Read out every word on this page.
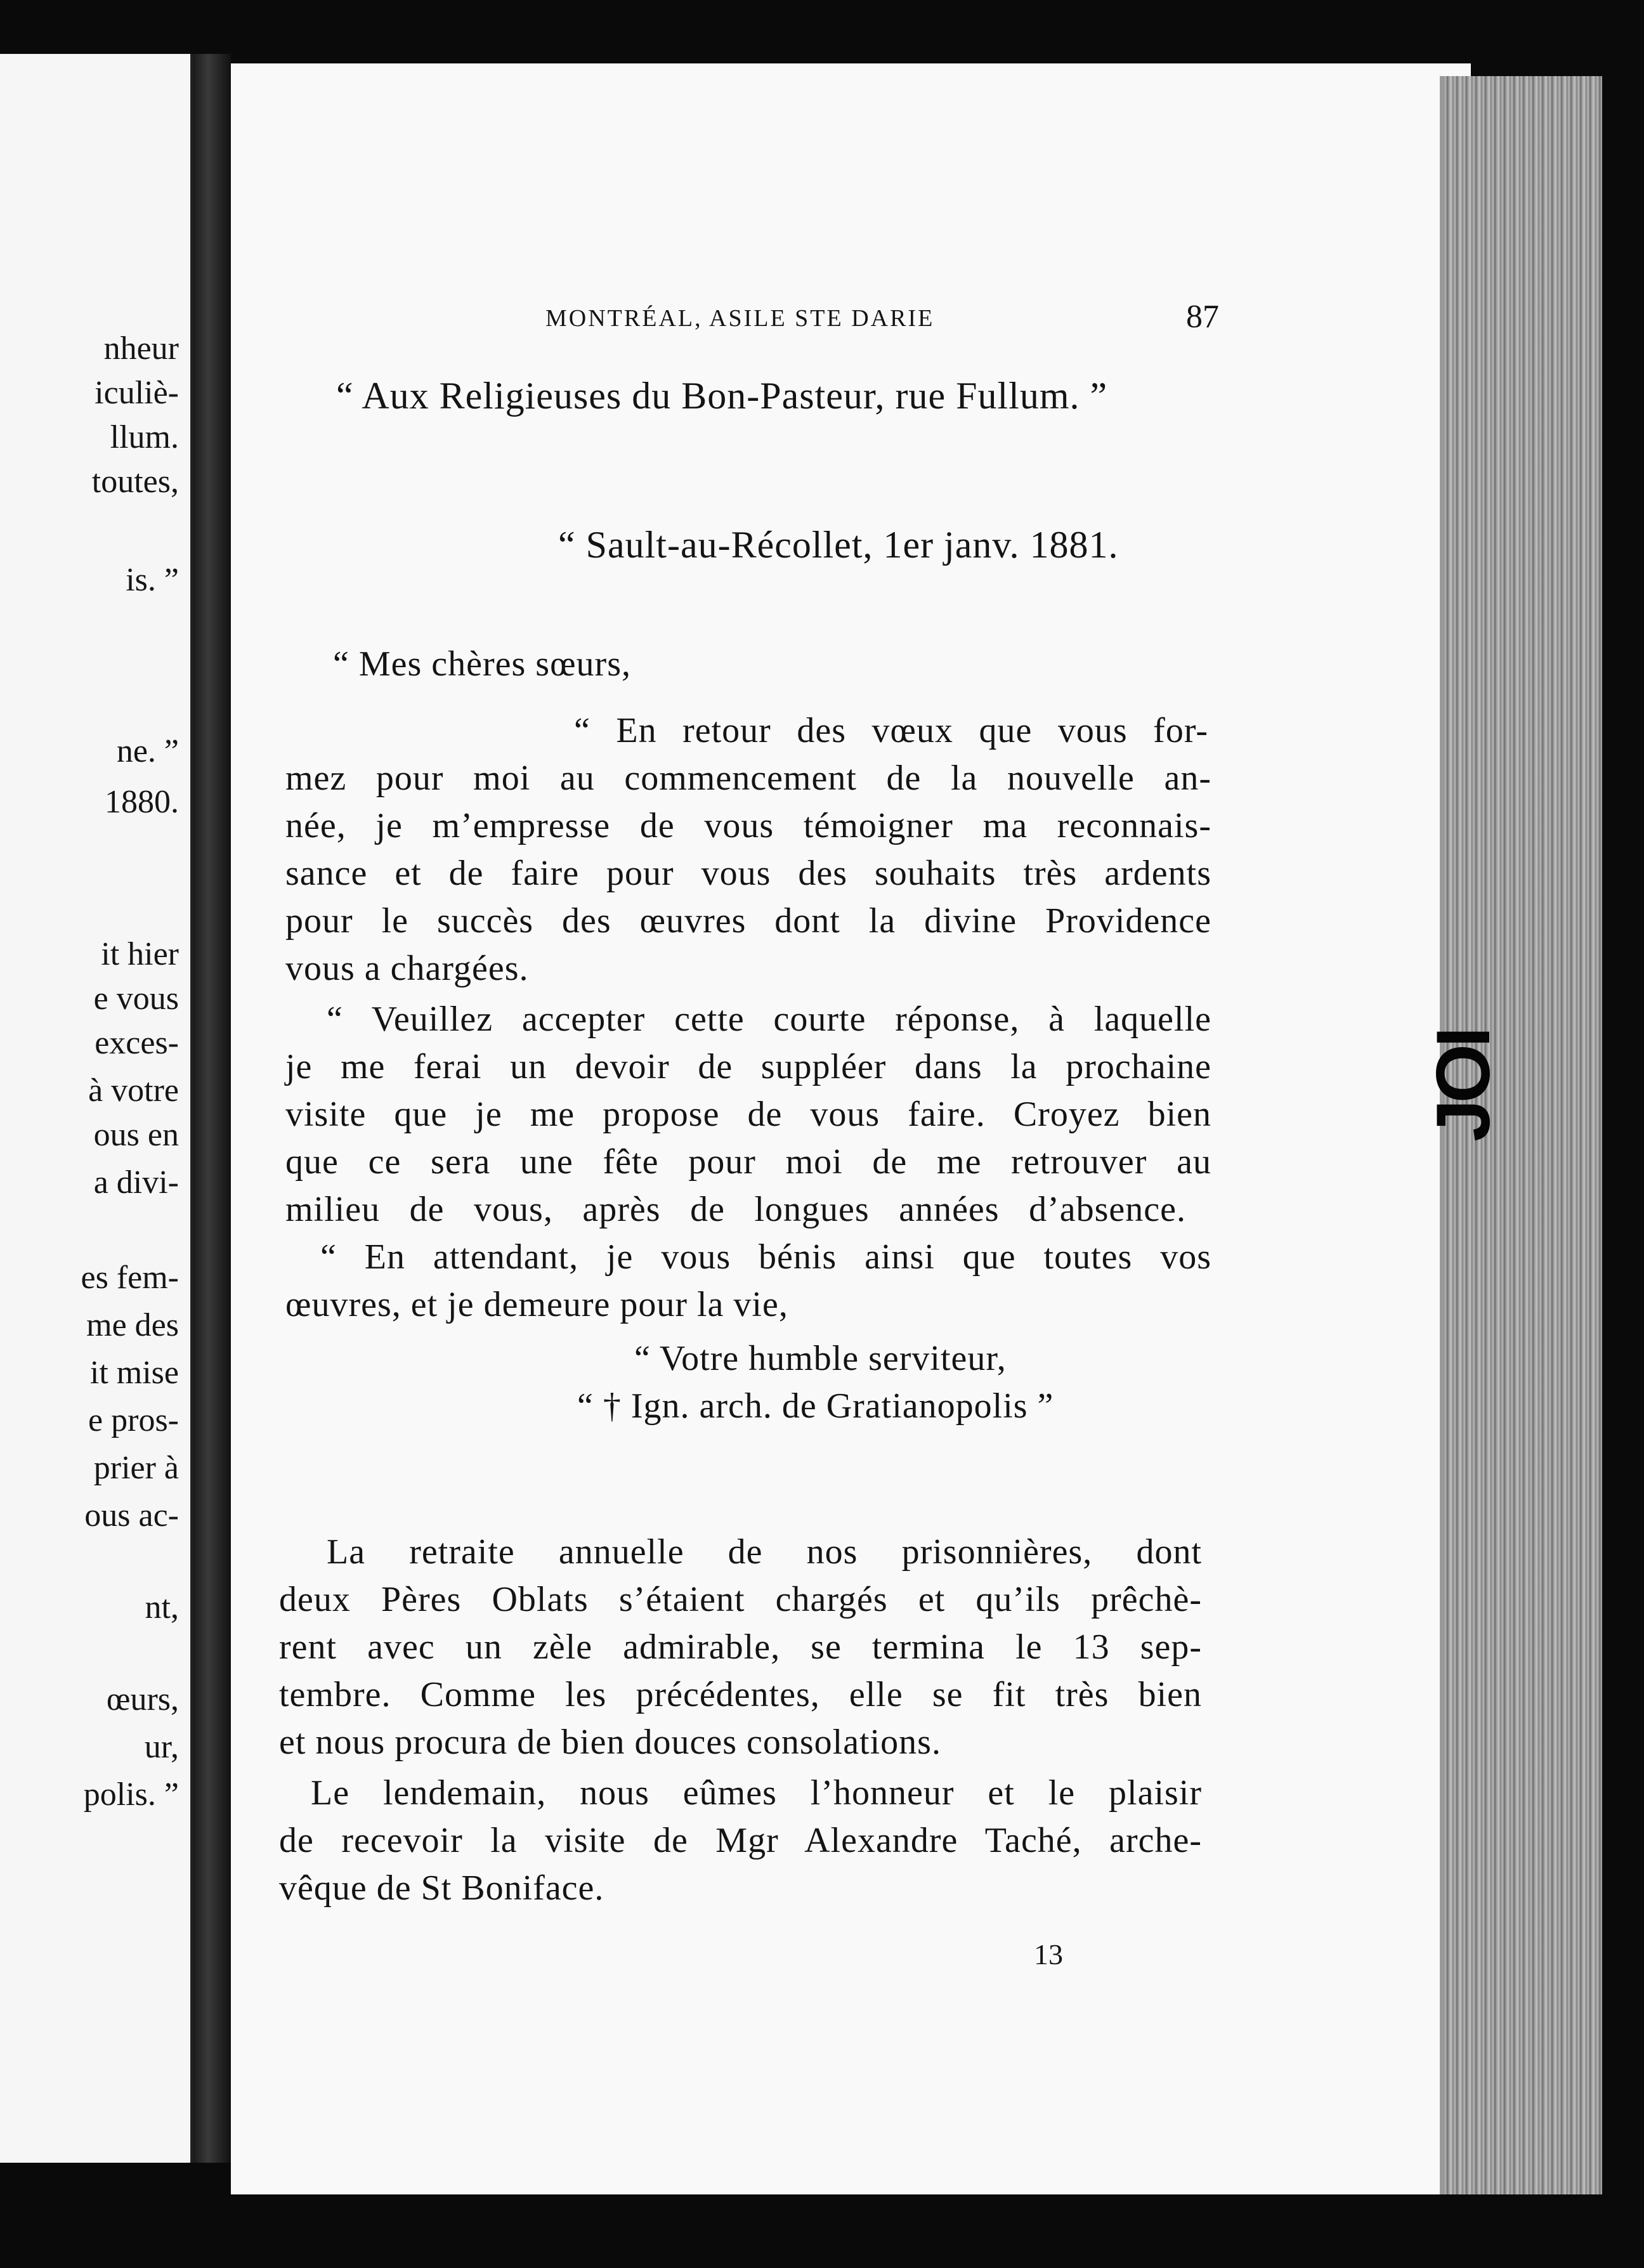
nheur
iculiè-
llum.
toutes,
is. ”
ne. ”
1880.
it hier
e vous
exces-
à votre
ous en
a divi-
es fem-
me des
it mise
e pros-
prier à
ous ac-
nt,
œurs,
ur,
polis. ”
JOI
MONTRÉAL, ASILE STE DARIE	87
“ Aux Religieuses du Bon-Pasteur, rue Fullum. ”
“ Sault-au-Récollet, 1er janv. 1881.
“ Mes chères sœurs,
“ En retour des vœux que vous for-
mez pour moi au commencement de la nouvelle an-
née, je m’empresse de vous témoigner ma reconnais-
sance et de faire pour vous des souhaits très ardents
pour le succès des œuvres dont la divine Providence
vous a chargées.
“ Veuillez accepter cette courte réponse, à laquelle
je me ferai un devoir de suppléer dans la prochaine
visite que je me propose de vous faire. Croyez bien
que ce sera une fête pour moi de me retrouver au
milieu de vous, après de longues années d’absence.
“ En attendant, je vous bénis ainsi que toutes vos
œuvres, et je demeure pour la vie,
“ Votre humble serviteur,
“ † Ign. arch. de Gratianopolis ”
La retraite annuelle de nos prisonnières, dont
deux Pères Oblats s’étaient chargés et qu’ils prêchè-
rent avec un zèle admirable, se termina le 13 sep-
tembre. Comme les précédentes, elle se fit très bien
et nous procura de bien douces consolations.
Le lendemain, nous eûmes l’honneur et le plaisir
de recevoir la visite de Mgr Alexandre Taché, arche-
vêque de St Boniface.
13
